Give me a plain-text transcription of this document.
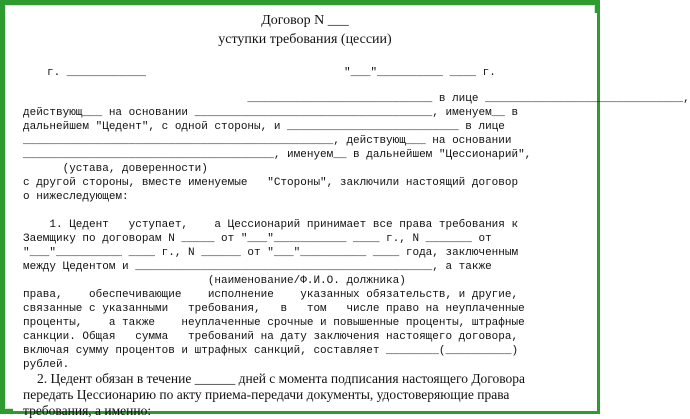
Договор N ___
уступки требования (цессии)
г. ____________                              "___"__________ ____ г.
____________________________ в лице ______________________________,
действующ___ на основании ____________________________________, именуем__ в
дальнейшем "Цедент", с одной стороны, и __________________________ в лице
_______________________________________________, действующ___ на основании
______________________________________, именуем__ в дальнейшем "Цессионарий",
(устава, доверенности)
с другой стороны, вместе именуемые   "Стороны", заключили настоящий договор
о нижеследующем:
1. Цедент   уступает,    а Цессионарий принимает все права требования к
Заемщику по договорам N _____ от "___"___________ ____ г., N _______ от
"___"__________ ____ г., N ______ от "___"__________ ____ года, заключенным
между Цедентом и _____________________________________________, а также
(наименование/Ф.И.О. должника)
права,    обеспечивающие    исполнение    указанных обязательств, и другие,
связанные с указанными   требования,   в   том   числе право на неуплаченные
проценты,    а также    неуплаченные срочные и повышенные проценты, штрафные
санкции. Общая   сумма   требований на дату заключения настоящего договора,
включая сумму процентов и штрафных санкций, составляет ________(__________)
рублей.
2. Цедент обязан в течение ______ дней с момента подписания настоящего Договора
передать Цессионарию по акту приема-передачи документы, удостоверяющие права
требования, а именно:
